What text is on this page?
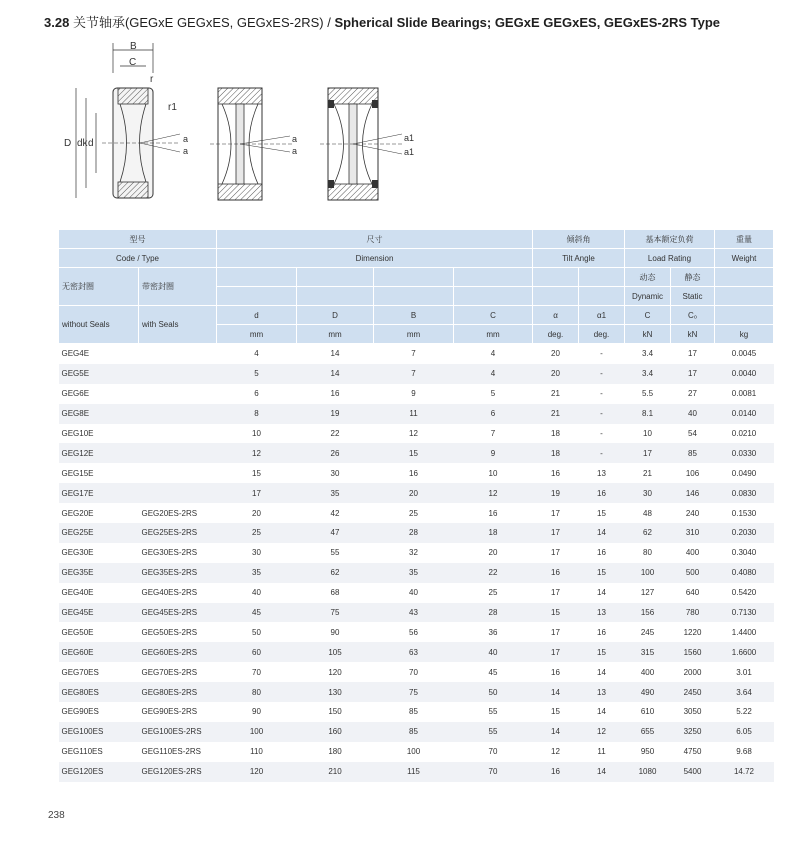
3.28 关节轴承(GEGxE GEGxES, GEGxES-2RS) / Spherical Slide Bearings; GEGxE GEGxES, GEGxES-2RS Type
B
C
r
r1
D dk d	a
a
a
a
a1
a1
型号		尺寸				倾斜角		基本额定负荷		重量
Code / Type		Dimension				Tilt Angle		Load Rating		Weight
无密封圈	带密封圈							动态	静态	
								Dynamic	Static	
without Seals	with Seals	d	D	B	C	α	α1	C	C₀	
		mm	mm	mm	mm	deg.	deg.	kN	kN	kg
GEG4E		4	14	7	4	20	-	3.4	17	0.0045
GEG5E		5	14	7	4	20	-	3.4	17	0.0040
GEG6E		6	16	9	5	21	-	5.5	27	0.0081
GEG8E		8	19	11	6	21	-	8.1	40	0.0140
GEG10E		10	22	12	7	18	-	10	54	0.0210
GEG12E		12	26	15	9	18	-	17	85	0.0330
GEG15E		15	30	16	10	16	13	21	106	0.0490
GEG17E		17	35	20	12	19	16	30	146	0.0830
GEG20E	GEG20ES-2RS	20	42	25	16	17	15	48	240	0.1530
GEG25E	GEG25ES-2RS	25	47	28	18	17	14	62	310	0.2030
GEG30E	GEG30ES-2RS	30	55	32	20	17	16	80	400	0.3040
GEG35E	GEG35ES-2RS	35	62	35	22	16	15	100	500	0.4080
GEG40E	GEG40ES-2RS	40	68	40	25	17	14	127	640	0.5420
GEG45E	GEG45ES-2RS	45	75	43	28	15	13	156	780	0.7130
GEG50E	GEG50ES-2RS	50	90	56	36	17	16	245	1220	1.4400
GEG60E	GEG60ES-2RS	60	105	63	40	17	15	315	1560	1.6600
GEG70ES	GEG70ES-2RS	70	120	70	45	16	14	400	2000	3.01
GEG80ES	GEG80ES-2RS	80	130	75	50	14	13	490	2450	3.64
GEG90ES	GEG90ES-2RS	90	150	85	55	15	14	610	3050	5.22
GEG100ES	GEG100ES-2RS	100	160	85	55	14	12	655	3250	6.05
GEG110ES	GEG110ES-2RS	110	180	100	70	12	11	950	4750	9.68
GEG120ES	GEG120ES-2RS	120	210	115	70	16	14	1080	5400	14.72
238
